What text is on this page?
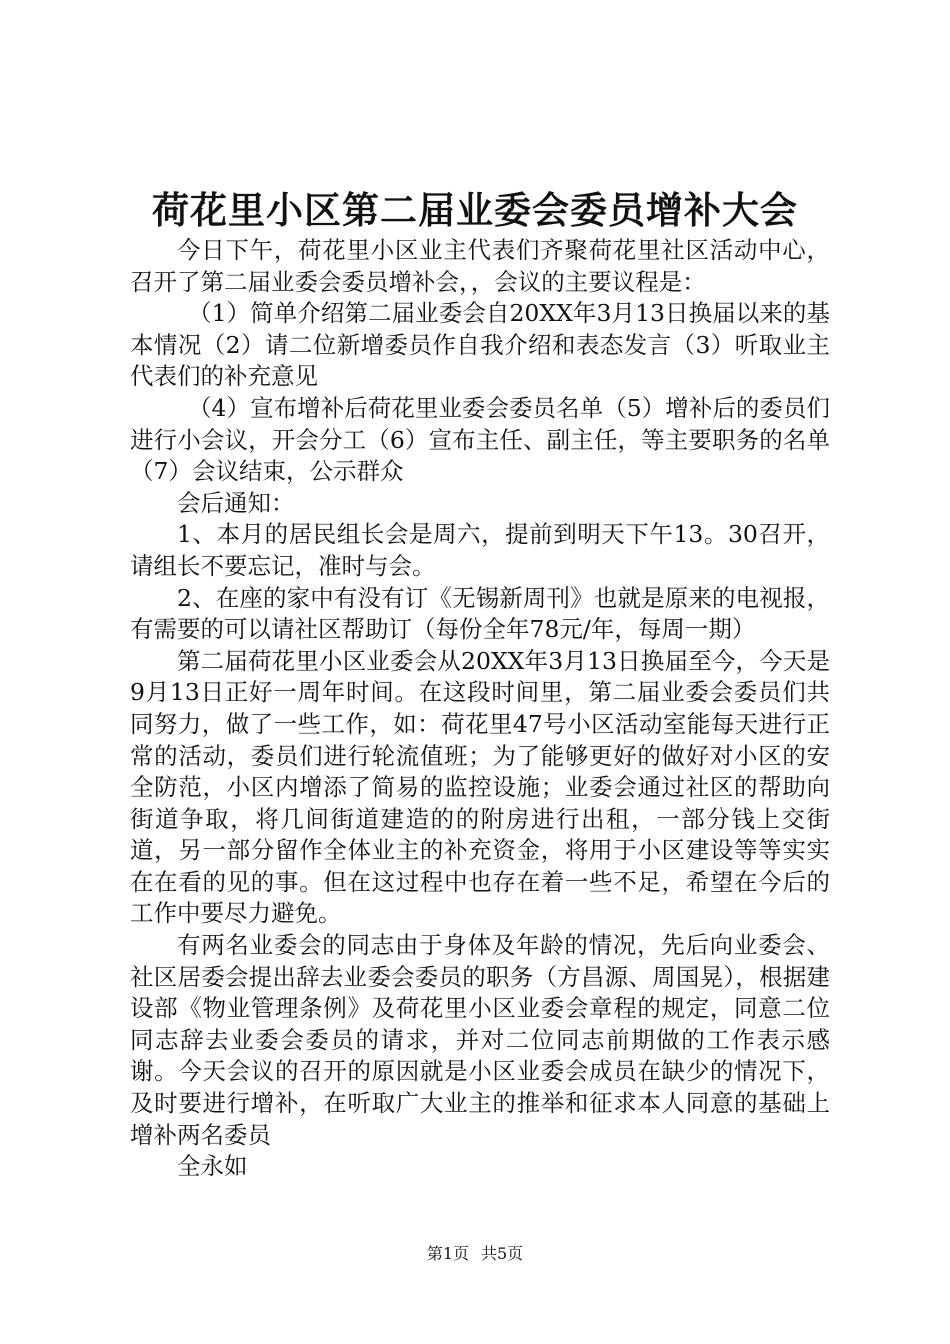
荷花里小区第二届业委会委员增补大会

今日下午，荷花里小区业主代表们齐聚荷花里社区活动中心，召开了第二届业委会委员增补会，，会议的主要议程是：

（1）简单介绍第二届业委会自20XX年3月13日换届以来的基本情况（2）请二位新增委员作自我介绍和表态发言（3）听取业主代表们的补充意见

（4）宣布增补后荷花里业委会委员名单（5）增补后的委员们进行小会议，开会分工（6）宣布主任、副主任，等主要职务的名单（7）会议结束，公示群众

会后通知：

1、本月的居民组长会是周六，提前到明天下午13。30召开，请组长不要忘记，准时与会。

2、在座的家中有没有订《无锡新周刊》也就是原来的电视报，有需要的可以请社区帮助订（每份全年78元/年，每周一期）

第二届荷花里小区业委会从20XX年3月13日换届至今，今天是9月13日正好一周年时间。在这段时间里，第二届业委会委员们共同努力，做了一些工作，如：荷花里47号小区活动室能每天进行正常的活动，委员们进行轮流值班；为了能够更好的做好对小区的安全防范，小区内增添了简易的监控设施；业委会通过社区的帮助向街道争取，将几间街道建造的的附房进行出租，一部分钱上交街道，另一部分留作全体业主的补充资金，将用于小区建设等等实实在在看的见的事。但在这过程中也存在着一些不足，希望在今后的工作中要尽力避免。

有两名业委会的同志由于身体及年龄的情况，先后向业委会、社区居委会提出辞去业委会委员的职务（方昌源、周国晃），根据建设部《物业管理条例》及荷花里小区业委会章程的规定，同意二位同志辞去业委会委员的请求，并对二位同志前期做的工作表示感谢。今天会议的召开的原因就是小区业委会成员在缺少的情况下，及时要进行增补，在听取广大业主的推举和征求本人同意的基础上增补两名委员

全永如

第1页 共5页
